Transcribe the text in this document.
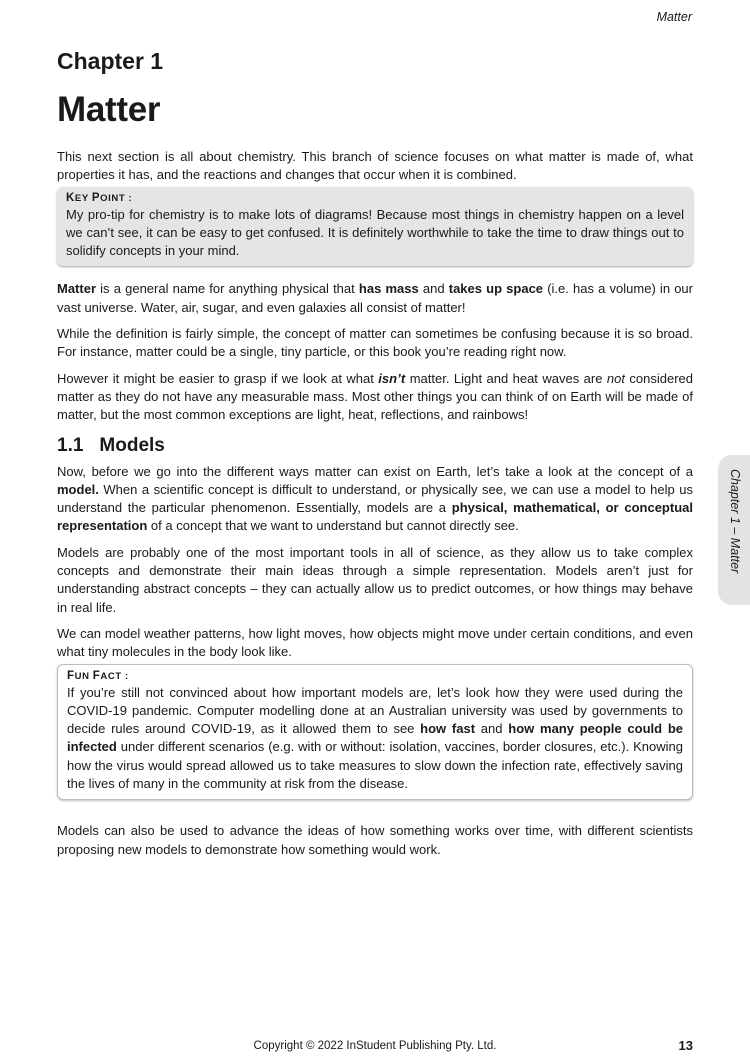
Matter
Chapter 1
Matter

This next section is all about chemistry. This branch of science focuses on what matter is made of, what properties it has, and the reactions and changes that occur when it is combined.

KEY POINT :

My pro-tip for chemistry is to make lots of diagrams! Because most things in chemistry happen on a level we can’t see, it can be easy to get confused. It is definitely worthwhile to take the time to draw things out to solidify concepts in your mind.

Matter is a general name for anything physical that has mass and takes up space (i.e. has a volume) in our vast universe. Water, air, sugar, and even galaxies all consist of matter!

While the definition is fairly simple, the concept of matter can sometimes be confusing because it is so broad. For instance, matter could be a single, tiny particle, or this book you’re reading right now.

However it might be easier to grasp if we look at what isn’t matter. Light and heat waves are not considered matter as they do not have any measurable mass. Most other things you can think of on Earth will be made of matter, but the most common exceptions are light, heat, reflections, and rainbows!

1.1 Models

Now, before we go into the different ways matter can exist on Earth, let’s take a look at the concept of a model. When a scientific concept is difficult to understand, or physically see, we can use a model to help us understand the particular phenomenon. Essentially, models are a physical, mathematical, or conceptual representation of a concept that we want to understand but cannot directly see.

Models are probably one of the most important tools in all of science, as they allow us to take complex concepts and demonstrate their main ideas through a simple representation. Models aren’t just for understanding abstract concepts – they can actually allow us to predict outcomes, or how things may behave in real life.

We can model weather patterns, how light moves, how objects might move under certain conditions, and even what tiny molecules in the body look like.

FUN FACT :

If you’re still not convinced about how important models are, let’s look how they were used during the COVID-19 pandemic. Computer modelling done at an Australian university was used by governments to decide rules around COVID-19, as it allowed them to see how fast and how many people could be infected under different scenarios (e.g. with or without: isolation, vaccines, border closures, etc.). Knowing how the virus would spread allowed us to take measures to slow down the infection rate, effectively saving the lives of many in the community at risk from the disease.

Models can also be used to advance the ideas of how something works over time, with different scientists proposing new models to demonstrate how something would work.

Chapter 1 – Matter
Copyright © 2022 InStudent Publishing Pty. Ltd.	13
